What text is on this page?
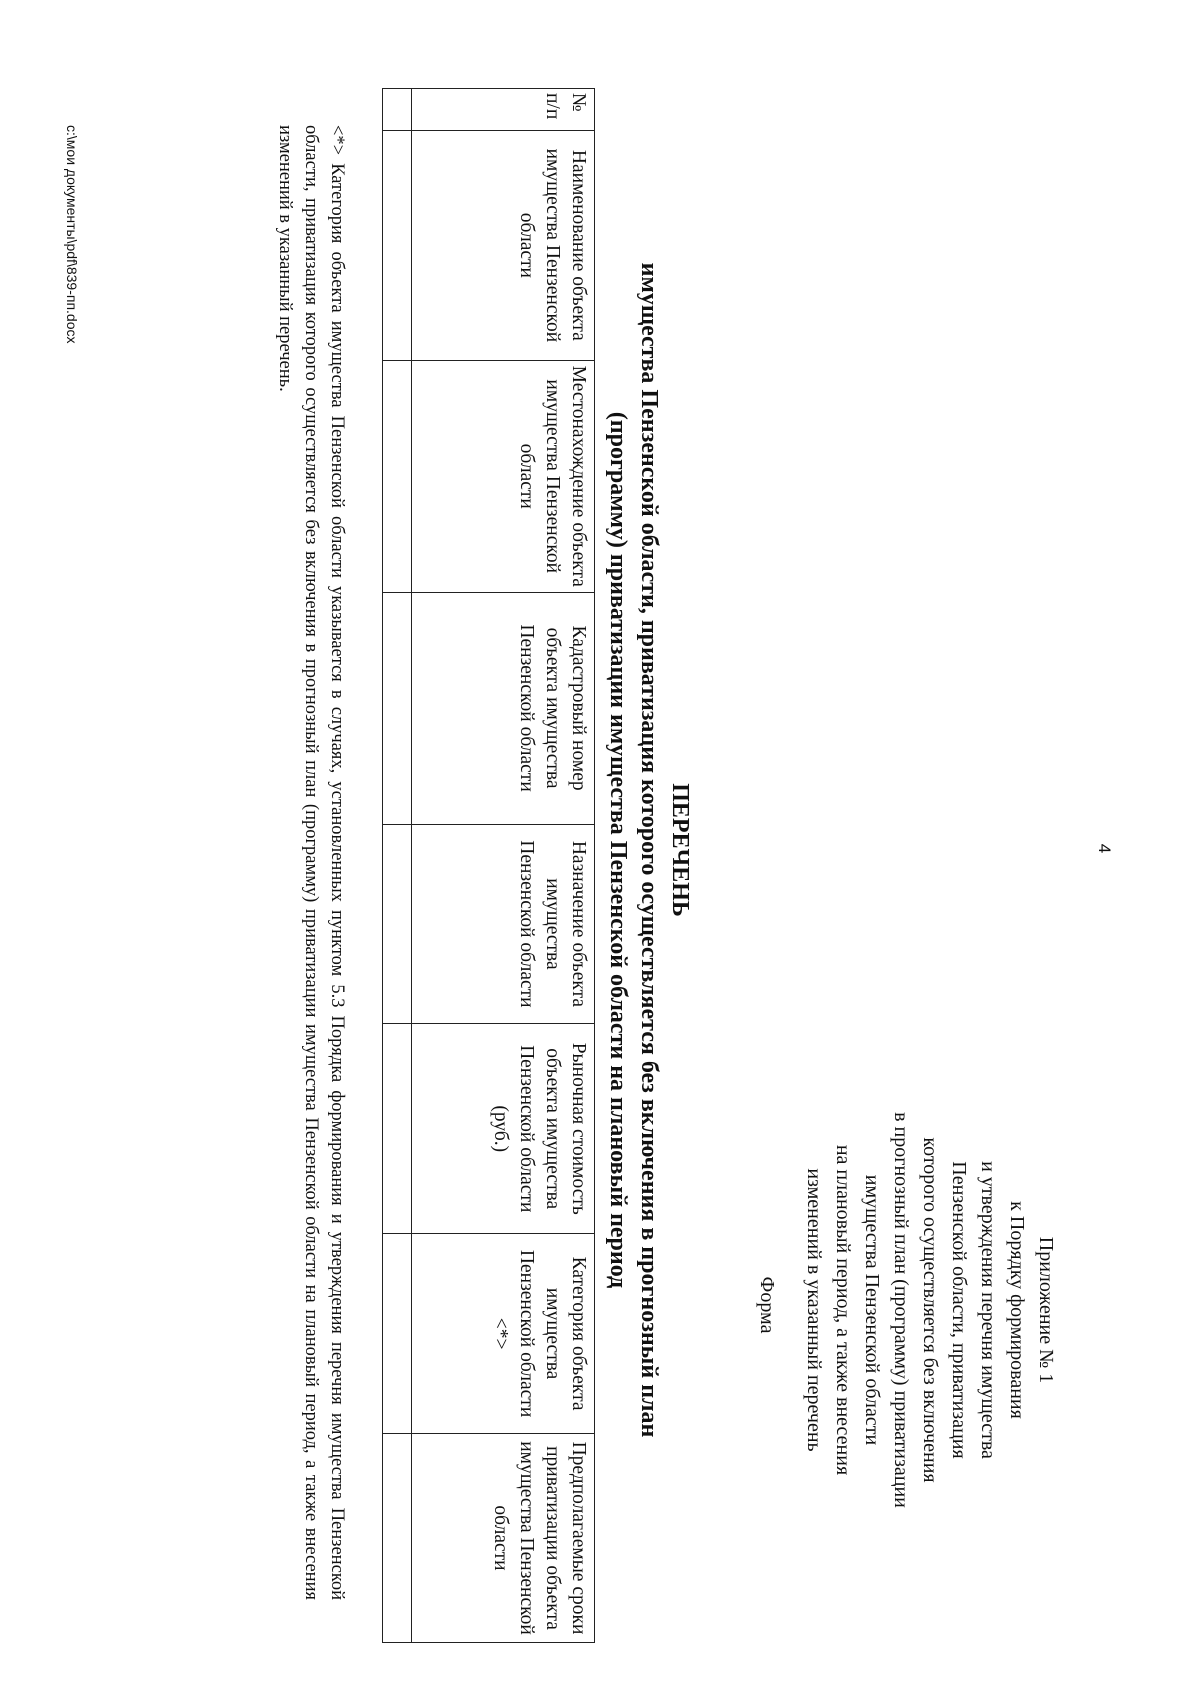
4
Приложение № 1
к Порядку формирования
и утверждения перечня имущества
Пензенской области, приватизация
которого осуществляется без включения
в прогнозный план (программу) приватизации
имущества Пензенской области
на плановый период, а также внесения
изменений в указанный перечень
Форма
ПЕРЕЧЕНЬ
имущества Пензенской области, приватизация которого осуществляется без включения в прогнозный план
(программу) приватизации имущества Пензенской области на плановый период
№ п/п	Наименование объекта имущества Пензенской области	Местонахождение объекта имущества Пензенской области	Кадастровый номер объекта имущества Пензенской области	Назначение объекта имущества Пензенской области	Рыночная стоимость объекта имущества Пензенской области (руб.)	Категория объекта имущества Пензенской области <*>	Предполагаемые сроки приватизации объекта имущества Пензенской области

<*> Категория объекта имущества Пензенской области указывается в случаях, установленных пунктом 5.3 Порядка формирования и утверждения перечня имущества Пензенской области, приватизация которого осуществляется без включения в прогнозный план (программу) приватизации имущества Пензенской области на плановый период, а также внесения изменений в указанный перечень.
c:\мои документы\pdf\839-пп.docx
